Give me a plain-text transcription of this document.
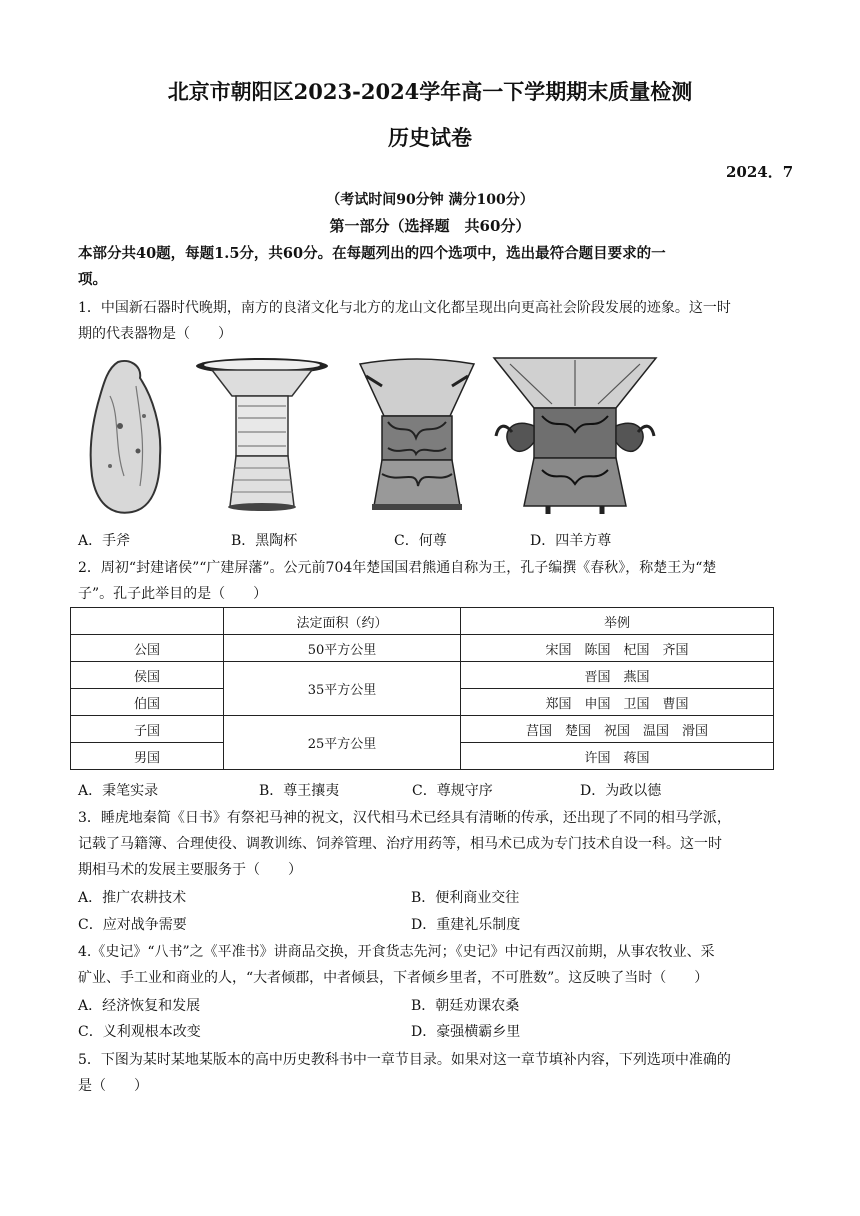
北京市朝阳区2023-2024学年高一下学期期末质量检测
历史试卷
2024．7
（考试时间90分钟 满分100分）
第一部分（选择题　共60分）
本部分共40题，每题1.5分，共60分。在每题列出的四个选项中，选出最符合题目要求的一
项。
1．中国新石器时代晚期，南方的良渚文化与北方的龙山文化都呈现出向更高社会阶段发展的迹象。这一时
期的代表器物是（　　）
A．手斧	B．黑陶杯	C．何尊	D．四羊方尊
2．周初“封建诸侯”“广建屏藩”。公元前704年楚国国君熊通自称为王，孔子编撰《春秋》，称楚王为“楚
子”。孔子此举目的是（　　）
	法定面积（约）	举例
公国	50平方公里	宋国　陈国　杞国　齐国
侯国	35平方公里	晋国　燕国
伯国		郑国　申国　卫国　曹国
子国	25平方公里	莒国　楚国　祝国　温国　滑国
男国		许国　蒋国
A．秉笔实录	B．尊王攘夷	C．尊规守序	D．为政以德
3．睡虎地秦简《日书》有祭祀马神的祝文，汉代相马术已经具有清晰的传承，还出现了不同的相马学派，
记载了马籍簿、合理使役、调教训练、饲养管理、治疗用药等，相马术已成为专门技术自设一科。这一时
期相马术的发展主要服务于（　　）
A．推广农耕技术	B．便利商业交往
C．应对战争需要	D．重建礼乐制度
4.《史记》“八书”之《平准书》讲商品交换，开食货志先河；《史记》中记有西汉前期，从事农牧业、采
矿业、手工业和商业的人，“大者倾郡，中者倾县，下者倾乡里者，不可胜数”。这反映了当时（　　）
A．经济恢复和发展	B．朝廷劝课农桑
C．义利观根本改变	D．豪强横霸乡里
5．下图为某时某地某版本的高中历史教科书中一章节目录。如果对这一章节填补内容，下列选项中准确的
是（　　）
